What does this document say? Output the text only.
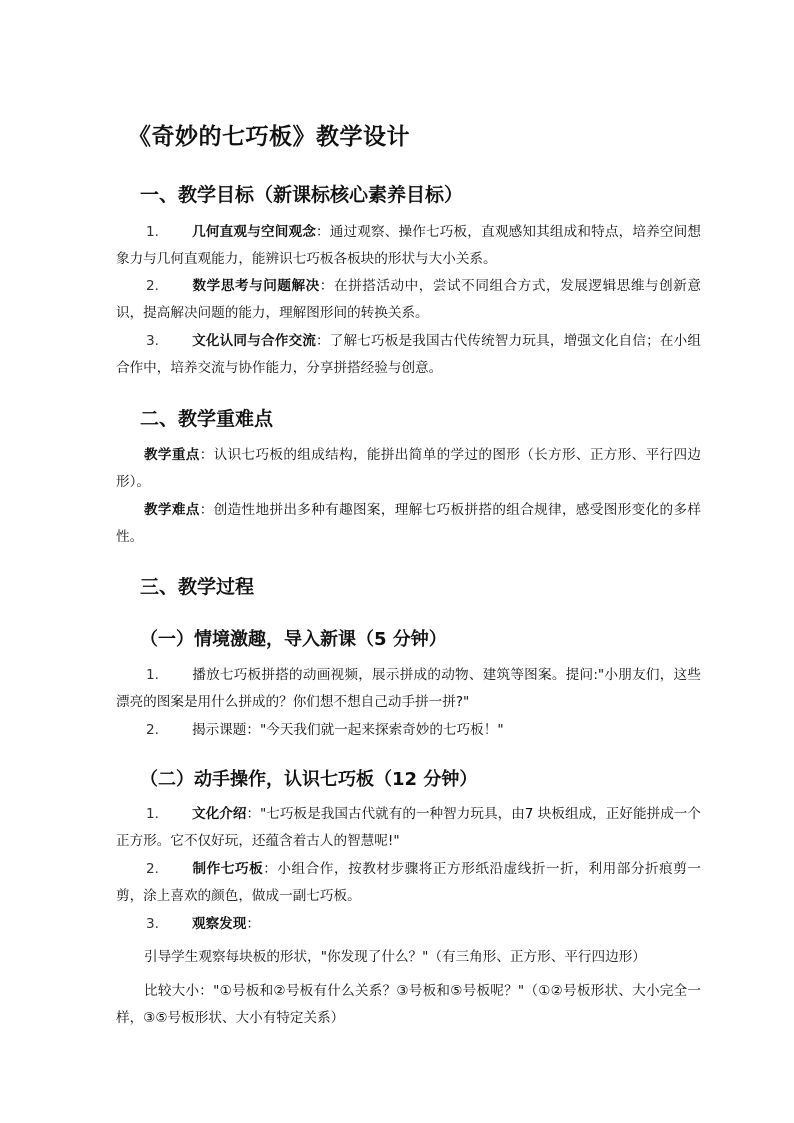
《奇妙的七巧板》教学设计
一、教学目标（新课标核心素养目标）
1. 几何直观与空间观念：通过观察、操作七巧板，直观感知其组成和特点，培养空间想象力与几何直观能力，能辨识七巧板各板块的形状与大小关系。
2. 数学思考与问题解决：在拼搭活动中，尝试不同组合方式，发展逻辑思维与创新意识，提高解决问题的能力，理解图形间的转换关系。
3. 文化认同与合作交流：了解七巧板是我国古代传统智力玩具，增强文化自信；在小组合作中，培养交流与协作能力，分享拼搭经验与创意。
二、教学重难点
教学重点：认识七巧板的组成结构，能拼出简单的学过的图形（长方形、正方形、平行四边形）。
教学难点：创造性地拼出多种有趣图案，理解七巧板拼搭的组合规律，感受图形变化的多样性。
三、教学过程
（一）情境激趣，导入新课（5 分钟）
1. 播放七巧板拼搭的动画视频，展示拼成的动物、建筑等图案。提问:"小朋友们，这些漂亮的图案是用什么拼成的？你们想不想自己动手拼一拼?"
2. 揭示课题："今天我们就一起来探索奇妙的七巧板！"
（二）动手操作，认识七巧板（12 分钟）
1. 文化介绍："七巧板是我国古代就有的一种智力玩具，由7 块板组成，正好能拼成一个正方形。它不仅好玩，还蕴含着古人的智慧呢!"
2. 制作七巧板：小组合作，按教材步骤将正方形纸沿虚线折一折，利用部分折痕剪一剪，涂上喜欢的颜色，做成一副七巧板。
3. 观察发现：
引导学生观察每块板的形状，"你发现了什么？"（有三角形、正方形、平行四边形）
比较大小："①号板和②号板有什么关系？③号板和⑤号板呢？"（①②号板形状、大小完全一样，③⑤号板形状、大小有特定关系）
